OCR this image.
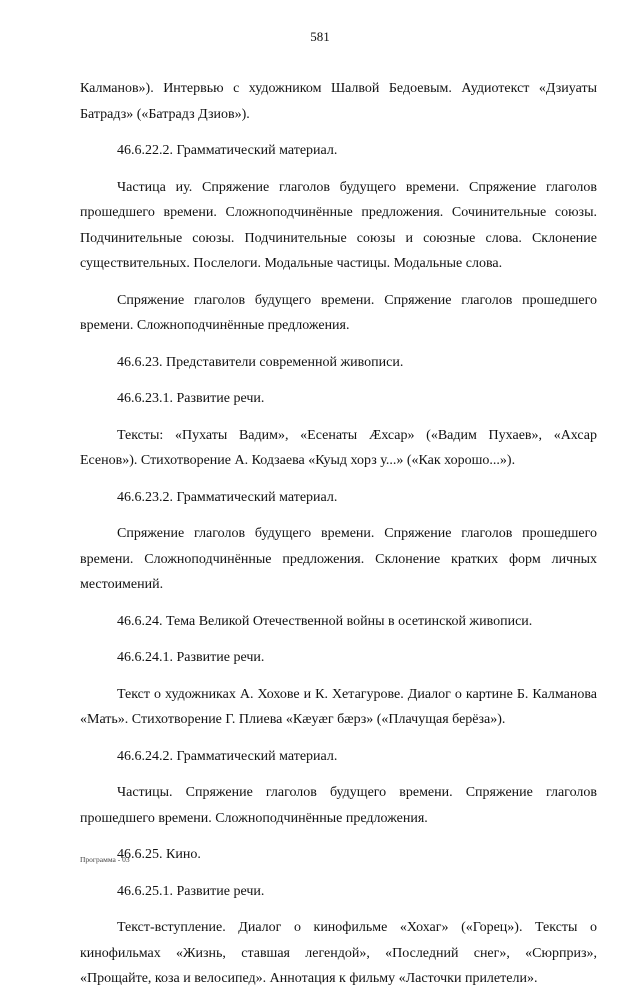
581

Калманов»). Интервью с художником Шалвой Бедоевым. Аудиотекст «Дзиуаты Батрадз» («Батрадз Дзиов»).

46.6.22.2. Грамматический материал.

Частица иу. Спряжение глаголов будущего времени. Спряжение глаголов прошедшего времени. Сложноподчинённые предложения. Сочинительные союзы. Подчинительные союзы. Подчинительные союзы и союзные слова. Склонение существительных. Послелоги. Модальные частицы. Модальные слова.

Спряжение глаголов будущего времени. Спряжение глаголов прошедшего времени. Сложноподчинённые предложения.

46.6.23. Представители современной живописи.

46.6.23.1. Развитие речи.

Тексты: «Пухаты Вадим», «Есенаты Æхсар» («Вадим Пухаев», «Ахсар Есенов»). Стихотворение А. Кодзаева «Куыд хорз у...» («Как хорошо...»).

46.6.23.2. Грамматический материал.

Спряжение глаголов будущего времени. Спряжение глаголов прошедшего времени. Сложноподчинённые предложения. Склонение кратких форм личных местоимений.

46.6.24. Тема Великой Отечественной войны в осетинской живописи.

46.6.24.1. Развитие речи.

Текст о художниках А. Хохове и К. Хетагурове. Диалог о картине Б. Калманова «Мать». Стихотворение Г. Плиева «Кæуæг бæрз» («Плачущая берёза»).

46.6.24.2. Грамматический материал.

Частицы. Спряжение глаголов будущего времени. Спряжение глаголов прошедшего времени. Сложноподчинённые предложения.

46.6.25. Кино.

46.6.25.1. Развитие речи.

Текст-вступление. Диалог о кинофильме «Хохаг» («Горец»). Тексты о кинофильмах «Жизнь, ставшая легендой», «Последний снег», «Сюрприз», «Прощайте, коза и велосипед». Аннотация к фильму «Ласточки прилетели».

Программа - 03
